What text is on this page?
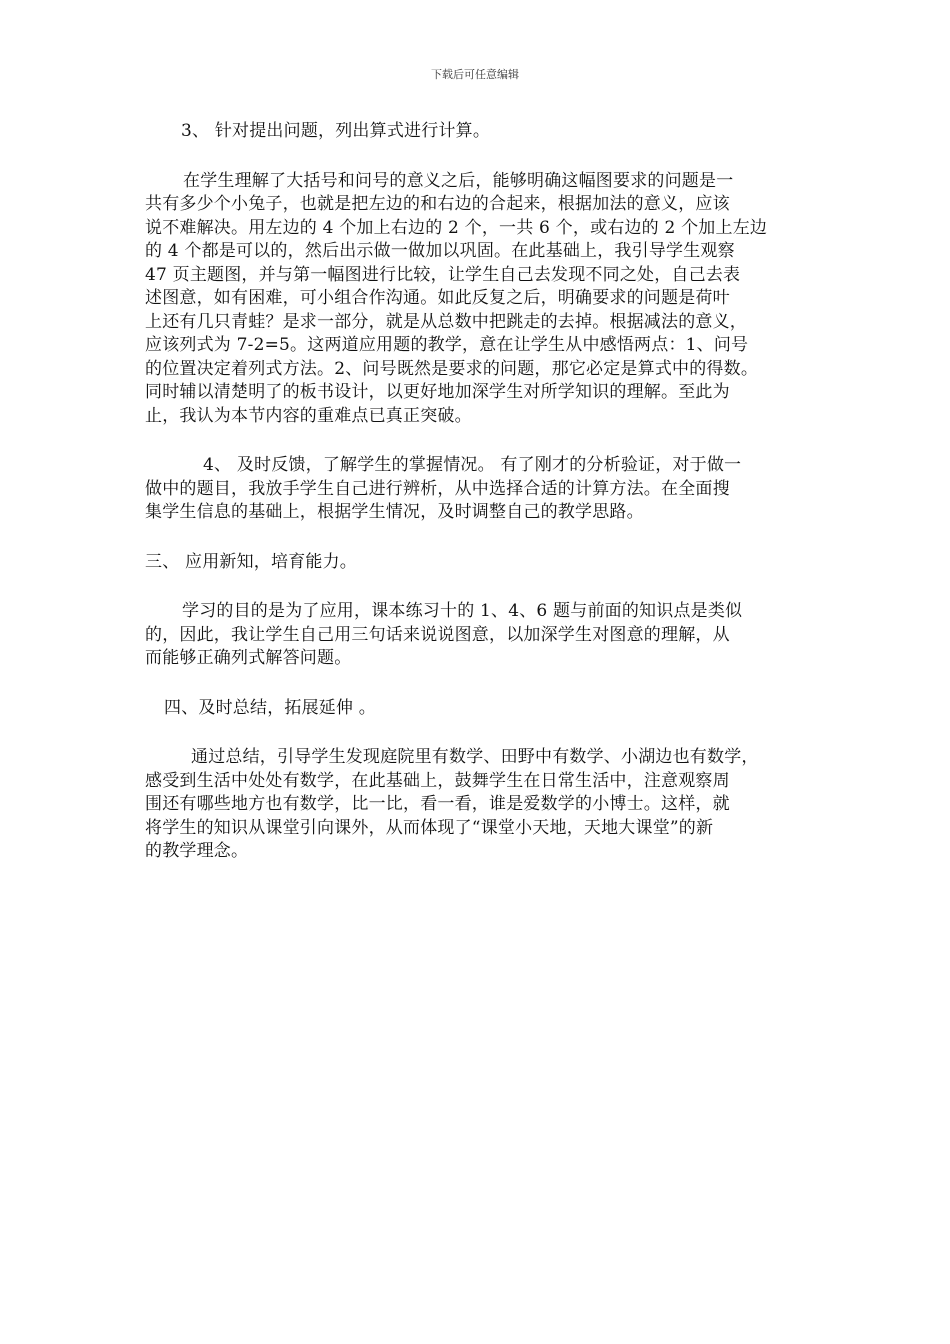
下载后可任意编辑
3、 针对提出问题，列出算式进行计算。
在学生理解了大括号和问号的意义之后，能够明确这幅图要求的问题是一
共有多少个小兔子，也就是把左边的和右边的合起来，根据加法的意义，应该
说不难解决。用左边的 4 个加上右边的 2 个，一共 6 个，或右边的 2 个加上左边
的 4 个都是可以的，然后出示做一做加以巩固。在此基础上，我引导学生观察
47 页主题图，并与第一幅图进行比较，让学生自己去发现不同之处，自己去表
述图意，如有困难，可小组合作沟通。如此反复之后，明确要求的问题是荷叶
上还有几只青蛙？是求一部分，就是从总数中把跳走的去掉。根据减法的意义，
应该列式为 7-2=5。这两道应用题的教学，意在让学生从中感悟两点：1、问号
的位置决定着列式方法。2、问号既然是要求的问题，那它必定是算式中的得数。
同时辅以清楚明了的板书设计，以更好地加深学生对所学知识的理解。至此为
止，我认为本节内容的重难点已真正突破。
4、 及时反馈，了解学生的掌握情况。 有了刚才的分析验证，对于做一
做中的题目，我放手学生自己进行辨析，从中选择合适的计算方法。在全面搜
集学生信息的基础上，根据学生情况，及时调整自己的教学思路。
三、 应用新知，培育能力。
学习的目的是为了应用，课本练习十的 1、4、6 题与前面的知识点是类似
的，因此，我让学生自己用三句话来说说图意，以加深学生对图意的理解，从
而能够正确列式解答问题。
四、及时总结，拓展延伸 。
通过总结，引导学生发现庭院里有数学、田野中有数学、小湖边也有数学，
感受到生活中处处有数学，在此基础上，鼓舞学生在日常生活中，注意观察周
围还有哪些地方也有数学，比一比，看一看，谁是爱数学的小博士。这样，就
将学生的知识从课堂引向课外，从而体现了“课堂小天地，天地大课堂”的新
的教学理念。
